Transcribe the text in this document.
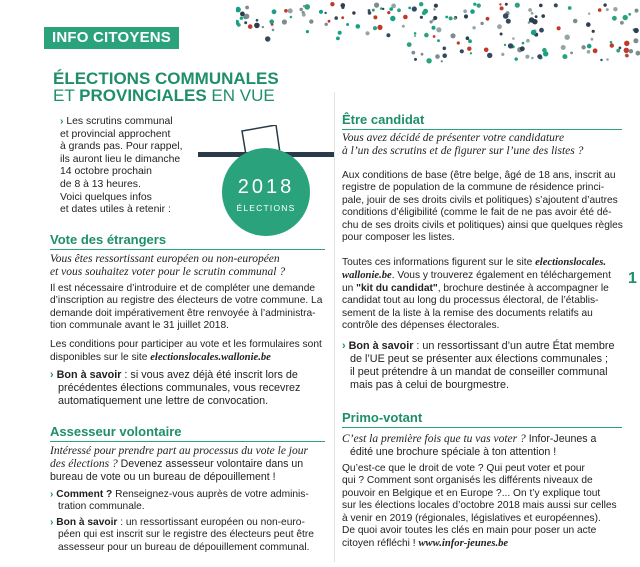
INFO CITOYENS
ÉLECTIONS COMMUNALES
ET PROVINCIALES EN VUE
› Les scrutins communal
et provincial approchent
à grands pas. Pour rappel,
ils auront lieu le dimanche
14 octobre prochain
de 8 à 13 heures.
Voici quelques infos
et dates utiles à retenir :
2018
ÉLECTIONS
Vote des étrangers
Vous êtes ressortissant européen ou non-européen
et vous souhaitez voter pour le scrutin communal ?
Il est nécessaire d’introduire et de compléter une demande
d’inscription au registre des électeurs de votre commune. La
demande doit impérativement être renvoyée à l’administra-
tion communale avant le 31 juillet 2018.
Les conditions pour participer au vote et les formulaires sont
disponibles sur le site electionslocales.wallonie.be
› Bon à savoir : si vous avez déjà été inscrit lors de
précédentes élections communales, vous recevrez
automatiquement une lettre de convocation.
Assesseur volontaire
Intéressé pour prendre part au processus du vote le jour
des élections ? Devenez assesseur volontaire dans un
bureau de vote ou un bureau de dépouillement !
› Comment ? Renseignez-vous auprès de votre adminis-
tration communale.
› Bon à savoir : un ressortissant européen ou non-euro-
péen qui est inscrit sur le registre des électeurs peut être
assesseur pour un bureau de dépouillement communal.
Être candidat
Vous avez décidé de présenter votre candidature
à l’un des scrutins et de figurer sur l’une des listes ?
Aux conditions de base (être belge, âgé de 18 ans, inscrit au
registre de population de la commune de résidence princi-
pale, jouir de ses droits civils et politiques) s’ajoutent d’autres
conditions d’éligibilité (comme le fait de ne pas avoir été dé-
chu de ses droits civils et politiques) ainsi que quelques règles
pour composer les listes.
Toutes ces informations figurent sur le site electionslocales.
wallonie.be. Vous y trouverez également en téléchargement
un "kit du candidat", brochure destinée à accompagner le
candidat tout au long du processus électoral, de l’établis-
sement de la liste à la remise des documents relatifs au
contrôle des dépenses électorales.
› Bon à savoir : un ressortissant d’un autre État membre
de l’UE peut se présenter aux élections communales ;
il peut prétendre à un mandat de conseiller communal
mais pas à celui de bourgmestre.
Primo-votant
C’est la première fois que tu vas voter ? Infor-Jeunes a
édité une brochure spéciale à ton attention !
Qu’est-ce que le droit de vote ? Qui peut voter et pour
qui ? Comment sont organisés les différents niveaux de
pouvoir en Belgique et en Europe ?... On t’y explique tout
sur les élections locales d’octobre 2018 mais aussi sur celles
à venir en 2019 (régionales, législatives et européennes).
De quoi avoir toutes les clés en main pour poser un acte
citoyen réfléchi ! www.infor-jeunes.be
1
